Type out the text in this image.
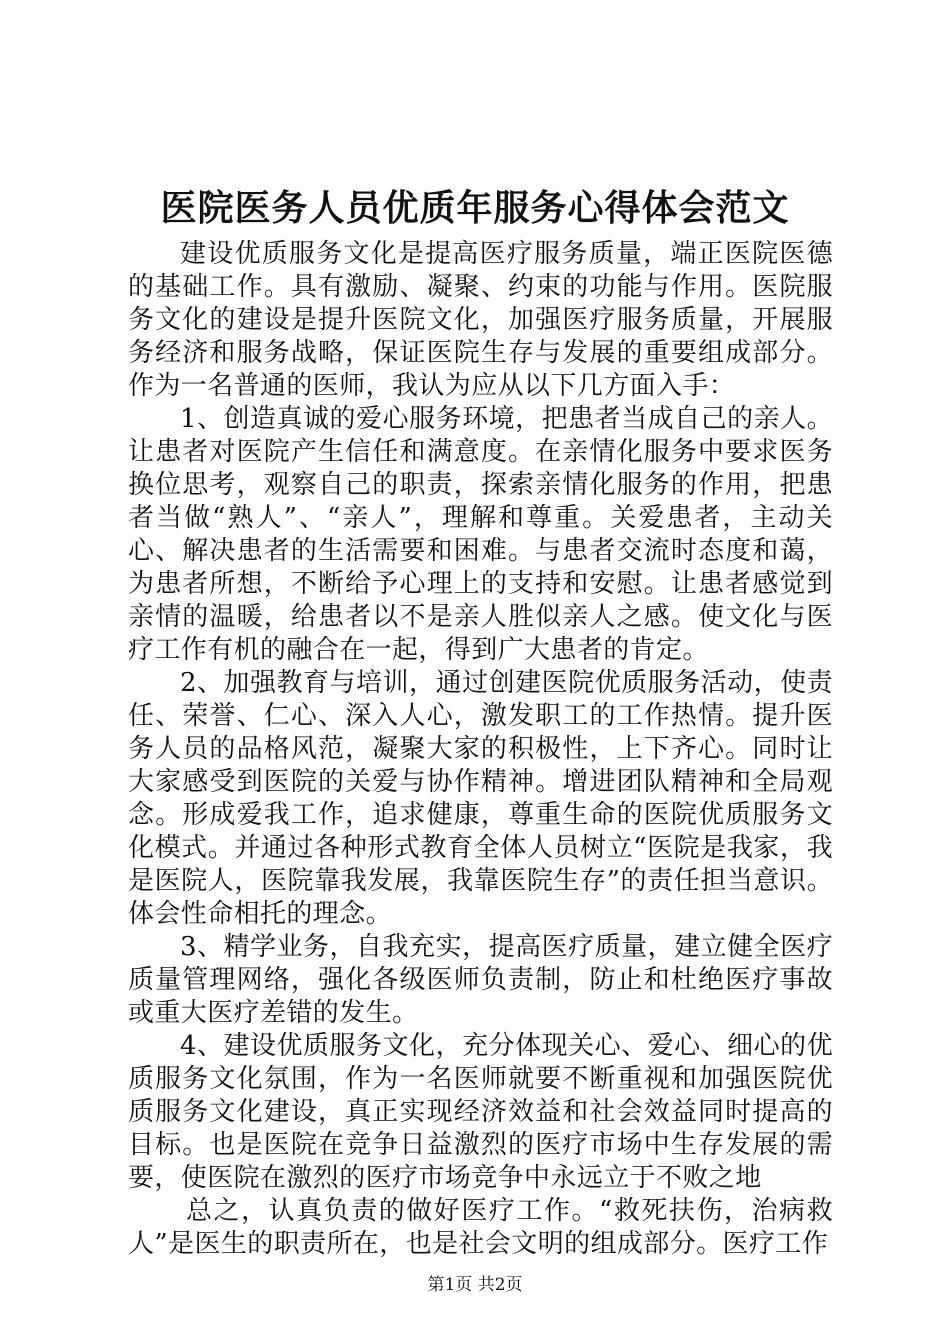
医院医务人员优质年服务心得体会范文

建设优质服务文化是提高医疗服务质量，端正医院医德的基础工作。具有激励、凝聚、约束的功能与作用。医院服务文化的建设是提升医院文化，加强医疗服务质量，开展服务经济和服务战略，保证医院生存与发展的重要组成部分。作为一名普通的医师，我认为应从以下几方面入手：

1、创造真诚的爱心服务环境，把患者当成自己的亲人。让患者对医院产生信任和满意度。在亲情化服务中要求医务换位思考，观察自己的职责，探索亲情化服务的作用，把患者当做“熟人”、“亲人”，理解和尊重。关爱患者，主动关心、解决患者的生活需要和困难。与患者交流时态度和蔼，为患者所想，不断给予心理上的支持和安慰。让患者感觉到亲情的温暖，给患者以不是亲人胜似亲人之感。使文化与医疗工作有机的融合在一起，得到广大患者的肯定。

2、加强教育与培训，通过创建医院优质服务活动，使责任、荣誉、仁心、深入人心，激发职工的工作热情。提升医务人员的品格风范，凝聚大家的积极性，上下齐心。同时让大家感受到医院的关爱与协作精神。增进团队精神和全局观念。形成爱我工作，追求健康，尊重生命的医院优质服务文化模式。并通过各种形式教育全体人员树立“医院是我家，我是医院人，医院靠我发展，我靠医院生存”的责任担当意识。体会性命相托的理念。

3、精学业务，自我充实，提高医疗质量，建立健全医疗质量管理网络，强化各级医师负责制，防止和杜绝医疗事故或重大医疗差错的发生。

4、建设优质服务文化，充分体现关心、爱心、细心的优质服务文化氛围，作为一名医师就要不断重视和加强医院优质服务文化建设，真正实现经济效益和社会效益同时提高的目标。也是医院在竞争日益激烈的医疗市场中生存发展的需要，使医院在激烈的医疗市场竞争中永远立于不败之地

总之，认真负责的做好医疗工作。“救死扶伤，治病救人”是医生的职责所在，也是社会文明的组成部分。医疗工作

第1页 共2页
